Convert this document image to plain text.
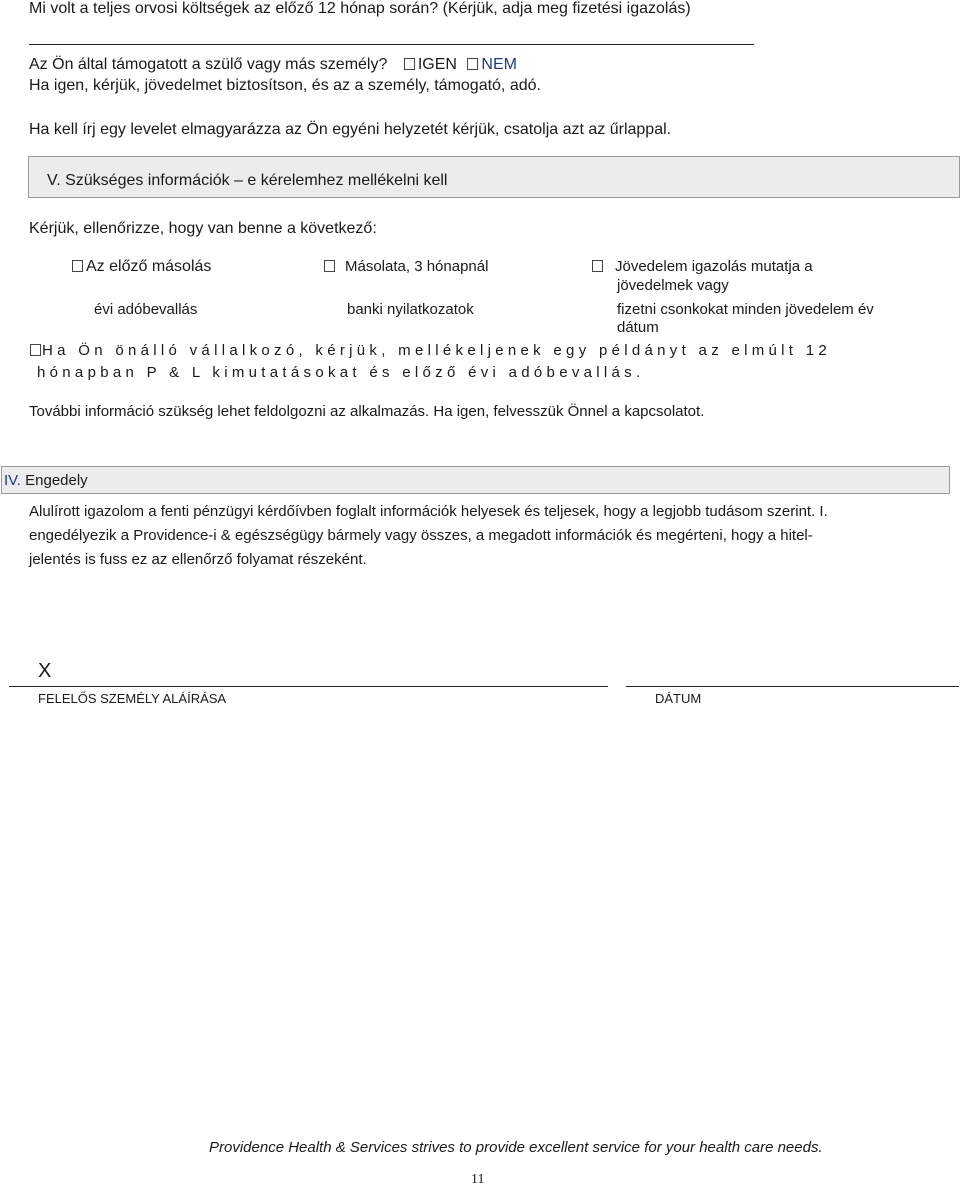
Mi volt a teljes orvosi költségek az előző 12 hónap során? (Kérjük, adja meg fizetési igazolás)
Az Ön által támogatott a szülő vagy más személy? IGEN NEM
Ha igen, kérjük, jövedelmet biztosítson, és az a személy, támogató, adó.
Ha kell írj egy levelet elmagyarázza az Ön egyéni helyzetét kérjük, csatolja azt az űrlappal.
V. Szükséges információk – e kérelemhez mellékelni kell
Kérjük, ellenőrizze, hogy van benne a következő:
Az előző másolás
évi adóbevallás
Másolata, 3 hónapnál
banki nyilatkozatok
Jövedelem igazolás mutatja a
jövedelmek vagy
fizetni csonkokat minden jövedelem év
dátum
Ha Ön önálló vállalkozó, kérjük, mellékeljenek egy példányt az elmúlt 12
hónapban P & L kimutatásokat és előző évi adóbevallás.
További információ szükség lehet feldolgozni az alkalmazás. Ha igen, felvesszük Önnel a kapcsolatot.
IV. Engedely
Alulírott igazolom a fenti pénzügyi kérdőívben foglalt információk helyesek és teljesek, hogy a legjobb tudásom szerint. I.
engedélyezik a Providence-i & egészségügy bármely vagy összes, a megadott információk és megérteni, hogy a hitel-
jelentés is fuss ez az ellenőrző folyamat részeként.
X
FELELŐS SZEMÉLY ALÁÍRÁSA	DÁTUM
Providence Health & Services strives to provide excellent service for your health care needs.
11
